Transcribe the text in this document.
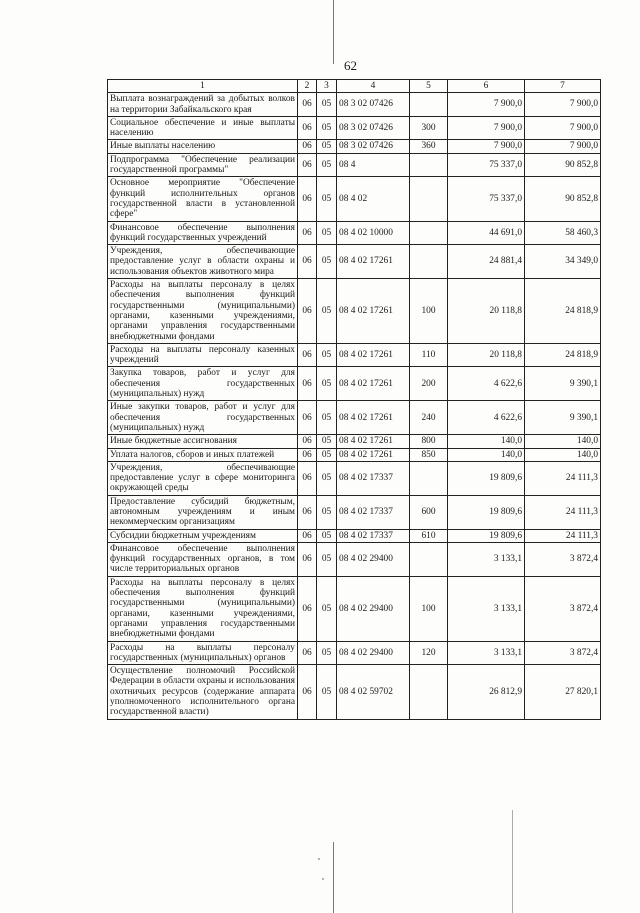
62
1	2	3	4	5	6	7
Выплата вознаграждений за добытых волков на территории Забайкальского края	06	05	08 3 02 07426		7 900,0	7 900,0
Социальное обеспечение и иные выплаты населению	06	05	08 3 02 07426	300	7 900,0	7 900,0
Иные выплаты населению	06	05	08 3 02 07426	360	7 900,0	7 900,0
Подпрограмма "Обеспечение реализации государственной программы"	06	05	08 4		75 337,0	90 852,8
Основное мероприятие "Обеспечение функций исполнительных органов государственной власти в установленной сфере"	06	05	08 4 02		75 337,0	90 852,8
Финансовое обеспечение выполнения функций государственных учреждений	06	05	08 4 02 10000		44 691,0	58 460,3
Учреждения, обеспечивающие предоставление услуг в области охраны и использования объектов животного мира	06	05	08 4 02 17261		24 881,4	34 349,0
Расходы на выплаты персоналу в целях обеспечения выполнения функций государственными (муниципальными) органами, казенными учреждениями, органами управления государственными внебюджетными фондами	06	05	08 4 02 17261	100	20 118,8	24 818,9
Расходы на выплаты персоналу казенных учреждений	06	05	08 4 02 17261	110	20 118,8	24 818,9
Закупка товаров, работ и услуг для обеспечения государственных (муниципальных) нужд	06	05	08 4 02 17261	200	4 622,6	9 390,1
Иные закупки товаров, работ и услуг для обеспечения государственных (муниципальных) нужд	06	05	08 4 02 17261	240	4 622,6	9 390,1
Иные бюджетные ассигнования	06	05	08 4 02 17261	800	140,0	140,0
Уплата налогов, сборов и иных платежей	06	05	08 4 02 17261	850	140,0	140,0
Учреждения, обеспечивающие предоставление услуг в сфере мониторинга окружающей среды	06	05	08 4 02 17337		19 809,6	24 111,3
Предоставление субсидий бюджетным, автономным учреждениям и иным некоммерческим организациям	06	05	08 4 02 17337	600	19 809,6	24 111,3
Субсидии бюджетным учреждениям	06	05	08 4 02 17337	610	19 809,6	24 111,3
Финансовое обеспечение выполнения функций государственных органов, в том числе территориальных органов	06	05	08 4 02 29400		3 133,1	3 872,4
Расходы на выплаты персоналу в целях обеспечения выполнения функций государственными (муниципальными) органами, казенными учреждениями, органами управления государственными внебюджетными фондами	06	05	08 4 02 29400	100	3 133,1	3 872,4
Расходы на выплаты персоналу государственных (муниципальных) органов	06	05	08 4 02 29400	120	3 133,1	3 872,4
Осуществление полномочий Российской Федерации в области охраны и использования охотничьих ресурсов (содержание аппарата уполномоченного исполнительного органа государственной власти)	06	05	08 4 02 59702		26 812,9	27 820,1
